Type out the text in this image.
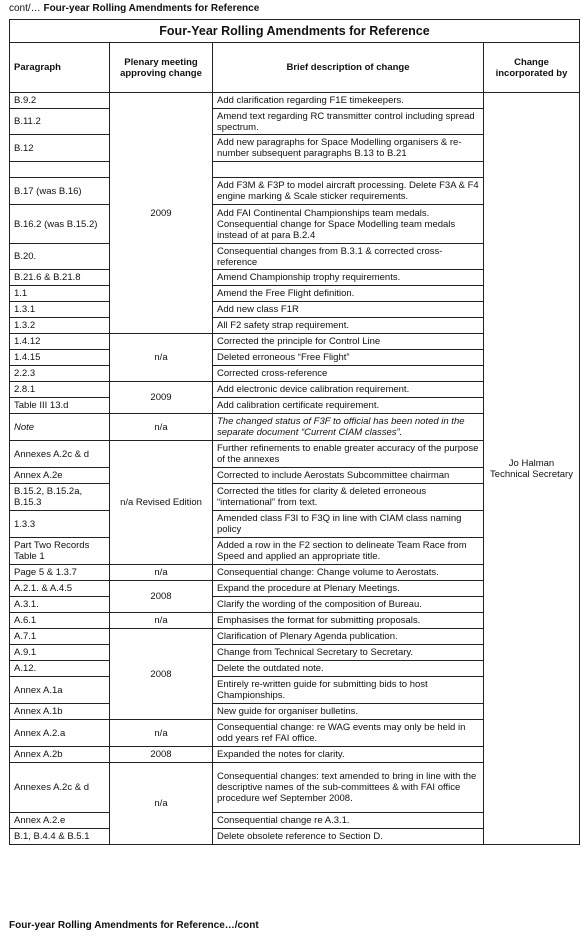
cont/… Four-year Rolling Amendments for Reference
Four-Year Rolling Amendments for Reference			
Paragraph	Plenary meeting approving change	Brief description of change	Change incorporated by
B.9.2	2009	Add clarification regarding F1E timekeepers.	Jo Halman Technical Secretary
B.11.2		Amend text regarding RC transmitter control including spread spectrum.	
B.12		Add new paragraphs for Space Modelling organisers & re-number subsequent paragraphs B.13 to B.21	

B.17 (was B.16)		Add F3M & F3P to model aircraft processing. Delete F3A & F4 engine marking & Scale sticker requirements.	
B.16.2 (was B.15.2)		Add FAI Continental Championships team medals. Consequential change for Space Modelling team medals instead of at para B.2.4	
B.20.		Consequential changes from B.3.1 & corrected cross-reference	
B.21.6 & B.21.8		Amend Championship trophy requirements.	
1.1		Amend the Free Flight definition.	
1.3.1		Add new class F1R	
1.3.2		All F2 safety strap requirement.	
1.4.12	n/a	Corrected the principle for Control Line	
1.4.15		Deleted erroneous “Free Flight”	
2.2.3		Corrected cross-reference	
2.8.1	2009	Add electronic device calibration requirement.	
Table III 13.d		Add calibration certificate requirement.	
Note	n/a	The changed status of F3F to official has been noted in the separate document “Current CIAM classes”.	
Annexes A.2c & d	n/a Revised Edition	Further refinements to enable greater accuracy of the purpose of the annexes	
Annex A.2e		Corrected to include Aerostats Subcommittee chairman	
B.15.2, B.15.2a, B.15.3		Corrected the titles for clarity & deleted erroneous “international” from text.	
1.3.3		Amended class F3I to F3Q in line with CIAM class naming policy	
Part Two Records Table 1		Added a row in the F2 section to delineate Team Race from Speed and applied an appropriate title.	
Page 5 & 1.3.7	n/a	Consequential change: Change volume to Aerostats.	
A.2.1. & A.4.5	2008	Expand the procedure at Plenary Meetings.	
A.3.1.		Clarify the wording of the composition of Bureau.	
A.6.1	n/a	Emphasises the format for submitting proposals.	
A.7.1	2008	Clarification of Plenary Agenda publication.	
A.9.1		Change from Technical Secretary to Secretary.	
A.12.		Delete the outdated note.	
Annex A.1a		Entirely re-written guide for submitting bids to host Championships.	
Annex A.1b		New guide for organiser bulletins.	
Annex A.2.a	n/a	Consequential change: re WAG events may only be held in odd years ref FAI office.	
Annex A.2b	2008	Expanded the notes for clarity.	
Annexes A.2c & d	n/a	Consequential changes: text amended to bring in line with the descriptive names of the sub-committees & with FAI office procedure wef September 2008.	
Annex A.2.e		Consequential change re A.3.1.	
B.1, B.4.4 & B.5.1		Delete obsolete reference to Section D.	
Four-year Rolling Amendments for Reference…/cont
